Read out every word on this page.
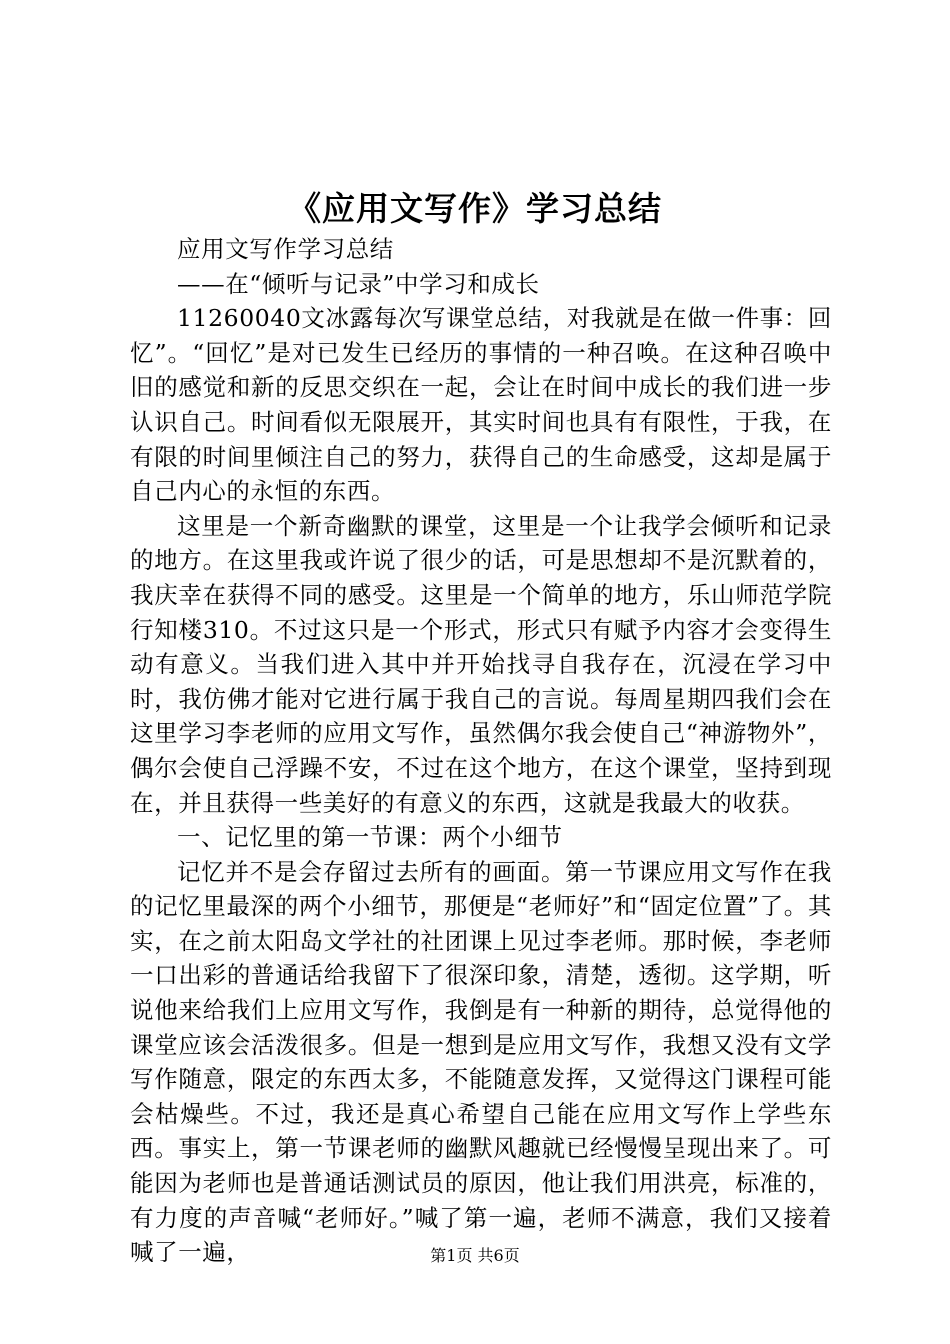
《应用文写作》学习总结

应用文写作学习总结

——在“倾听与记录”中学习和成长

11260040文冰露每次写课堂总结，对我就是在做一件事：回忆”。“回忆”是对已发生已经历的事情的一种召唤。在这种召唤中旧的感觉和新的反思交织在一起，会让在时间中成长的我们进一步认识自己。时间看似无限展开，其实时间也具有有限性，于我，在有限的时间里倾注自己的努力，获得自己的生命感受，这却是属于自己内心的永恒的东西。

这里是一个新奇幽默的课堂，这里是一个让我学会倾听和记录的地方。在这里我或许说了很少的话，可是思想却不是沉默着的，我庆幸在获得不同的感受。这里是一个简单的地方，乐山师范学院行知楼310。不过这只是一个形式，形式只有赋予内容才会变得生动有意义。当我们进入其中并开始找寻自我存在，沉浸在学习中时，我仿佛才能对它进行属于我自己的言说。每周星期四我们会在这里学习李老师的应用文写作，虽然偶尔我会使自己“神游物外”，偶尔会使自己浮躁不安，不过在这个地方，在这个课堂，坚持到现在，并且获得一些美好的有意义的东西，这就是我最大的收获。

一、记忆里的第一节课：两个小细节

记忆并不是会存留过去所有的画面。第一节课应用文写作在我的记忆里最深的两个小细节，那便是“老师好”和“固定位置”了。其实，在之前太阳岛文学社的社团课上见过李老师。那时候，李老师一口出彩的普通话给我留下了很深印象，清楚，透彻。这学期，听说他来给我们上应用文写作，我倒是有一种新的期待，总觉得他的课堂应该会活泼很多。但是一想到是应用文写作，我想又没有文学写作随意，限定的东西太多，不能随意发挥，又觉得这门课程可能会枯燥些。不过，我还是真心希望自己能在应用文写作上学些东西。事实上，第一节课老师的幽默风趣就已经慢慢呈现出来了。可能因为老师也是普通话测试员的原因，他让我们用洪亮，标准的，有力度的声音喊“老师好。”喊了第一遍，老师不满意，我们又接着喊了一遍，	第1页 共6页
